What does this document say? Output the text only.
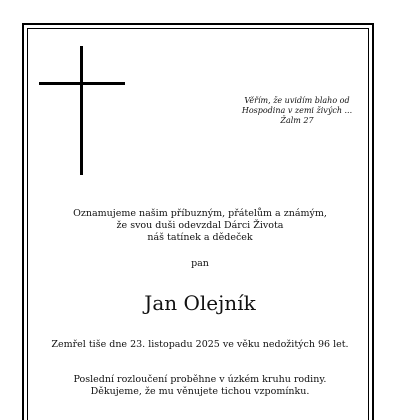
Věřím, že uvidím blaho od
Hospodina v zemi živých ...
Žalm 27
Oznamujeme našim příbuzným, přátelům a známým,
že svou duši odevzdal Dárci Života
náš tatínek a dědeček
pan
Jan Olejník
Zemřel tiše dne 23. listopadu 2025 ve věku nedožitých 96 let.
Poslední rozloučení proběhne v úzkém kruhu rodiny.
Děkujeme, že mu věnujete tichou vzpomínku.
